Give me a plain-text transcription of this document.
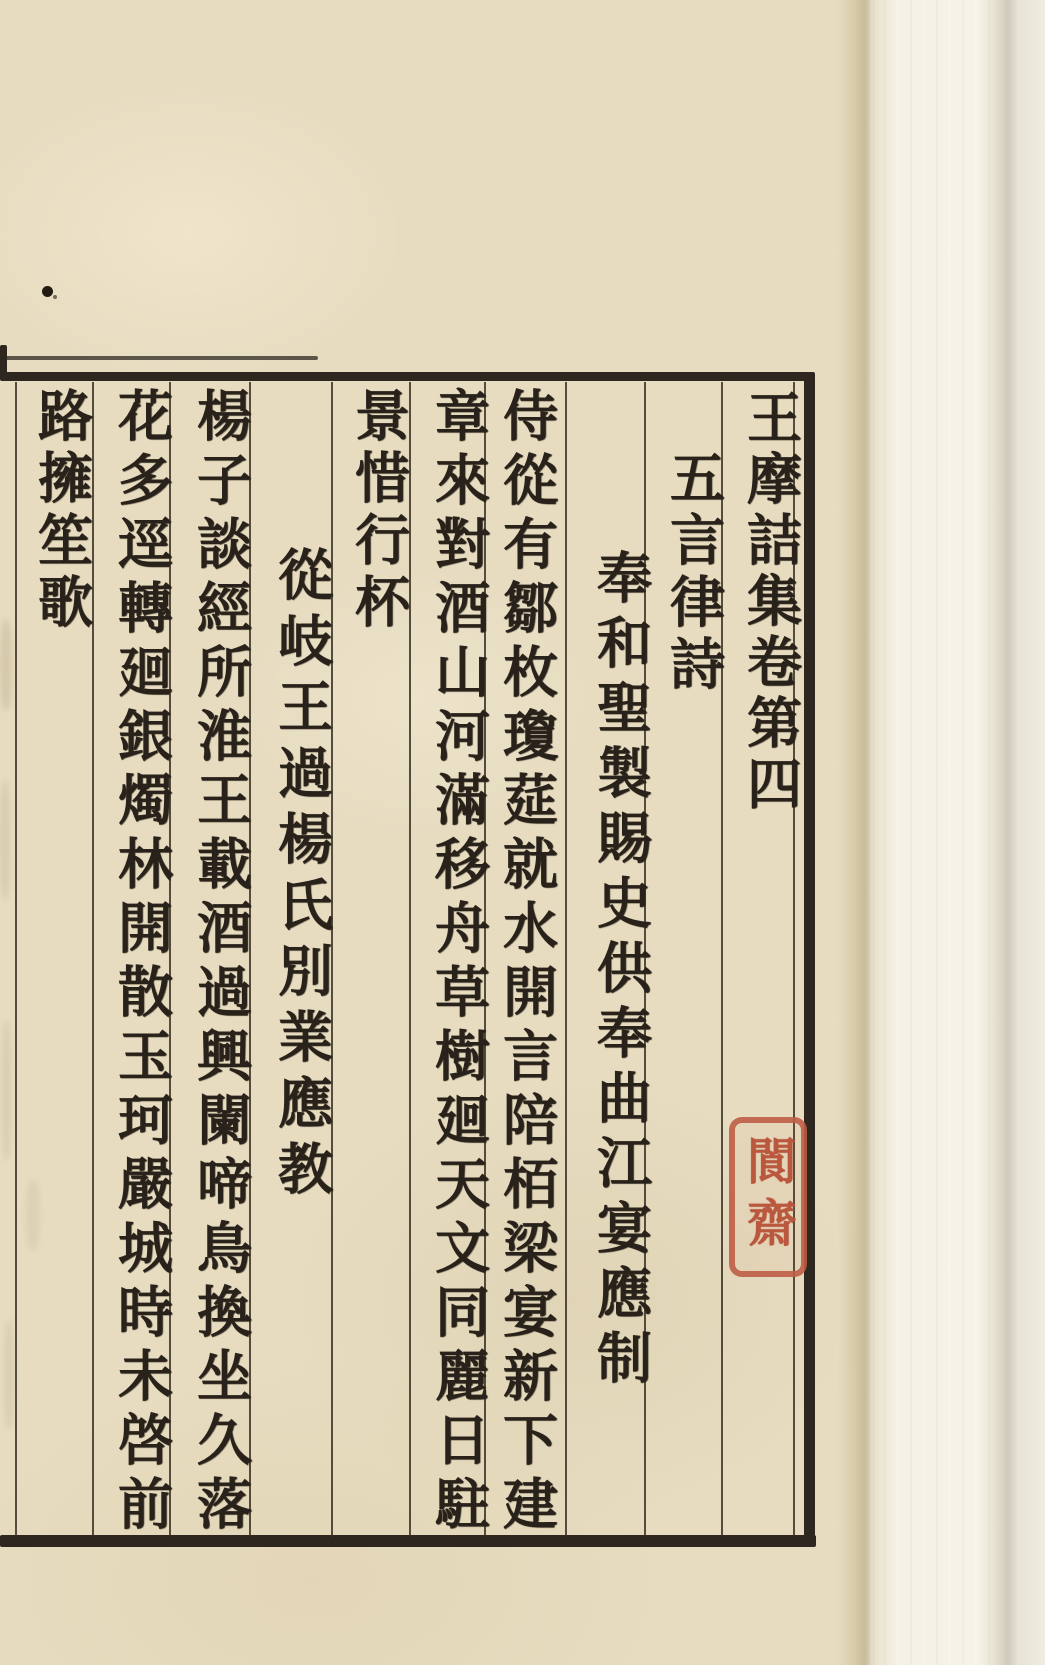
王摩詰集卷第四
五言律詩
奉和聖製賜史供奉曲江宴應制
侍從有鄒枚瓊莚就水開言陪栢梁宴新下建
章來對酒山河滿移舟草樹廻天文同麗日駐
景惜行杯
從岐王過楊氏別業應教
楊子談經所淮王載酒過興闌啼鳥換坐久落
花多逕轉廻銀燭林開散玉珂嚴城時未啓前
路擁笙歌
閬齋
